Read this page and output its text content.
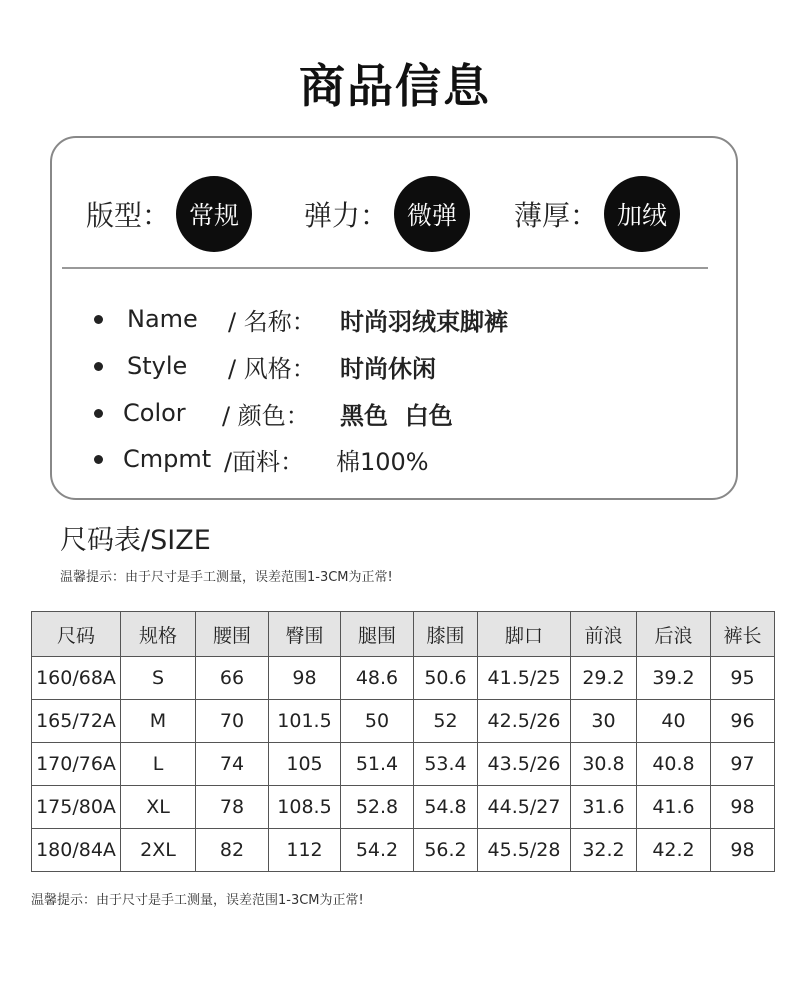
商品信息
版型： 常规	弹力： 微弹	薄厚： 加绒
Name / 名称： 时尚羽绒束脚裤
Style / 风格： 时尚休闲
Color / 颜色： 黑色  白色
Cmpmt /面料： 棉100%
尺码表/SIZE
温馨提示：由于尺寸是手工测量，误差范围1-3CM为正常!
尺码	规格	腰围	臀围	腿围	膝围	脚口	前浪	后浪	裤长
160/68A	S	66	98	48.6	50.6	41.5/25	29.2	39.2	95
165/72A	M	70	101.5	50	52	42.5/26	30	40	96
170/76A	L	74	105	51.4	53.4	43.5/26	30.8	40.8	97
175/80A	XL	78	108.5	52.8	54.8	44.5/27	31.6	41.6	98
180/84A	2XL	82	112	54.2	56.2	45.5/28	32.2	42.2	98
温馨提示：由于尺寸是手工测量，误差范围1-3CM为正常!
